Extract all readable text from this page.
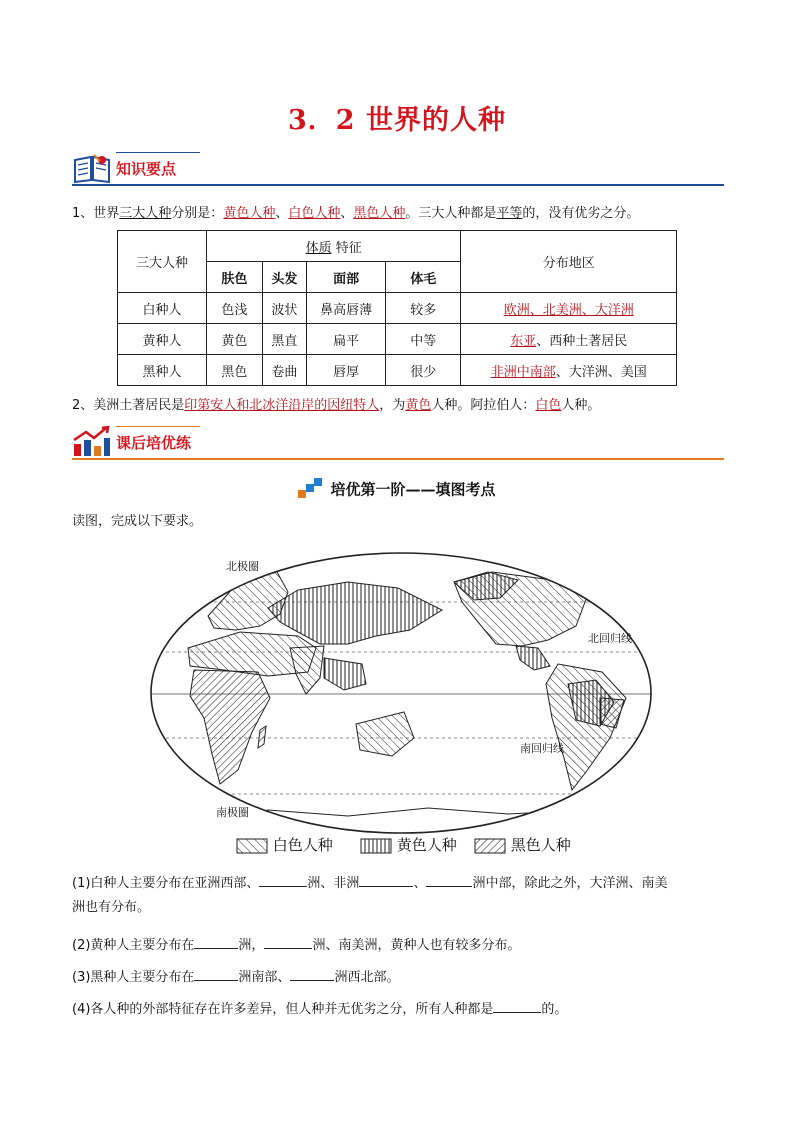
3．2 世界的人种
知识要点
1、世界三大人种分别是：黄色人种、白色人种、黑色人种。三大人种都是平等的，没有优劣之分。
三大人种	体质 特征				分布地区
	肤色	头发	面部	体毛	
白种人	色浅	波状	鼻高唇薄	较多	欧洲、北美洲、大洋洲
黄种人	黄色	黑直	扁平	中等	东亚、西种土著居民
黑种人	黑色	卷曲	唇厚	很少	非洲中南部、大洋洲、美国
2、美洲土著居民是印第安人和北冰洋沿岸的因纽特人，为黄色人种。阿拉伯人：白色人种。
课后培优练
培优第一阶——填图考点
读图，完成以下要求。
北极圈
北回归线
南回归线
南极圈
白色人种	黄色人种	黑色人种
(1)白种人主要分布在亚洲西部、	洲、非洲	、	洲中部，除此之外，大洋洲、南美
洲也有分布。
(2)黄种人主要分布在	洲，	洲、南美洲，黄种人也有较多分布。
(3)黑种人主要分布在	洲南部、	洲西北部。
(4)各人种的外部特征存在许多差异，但人种并无优劣之分，所有人种都是	的。
